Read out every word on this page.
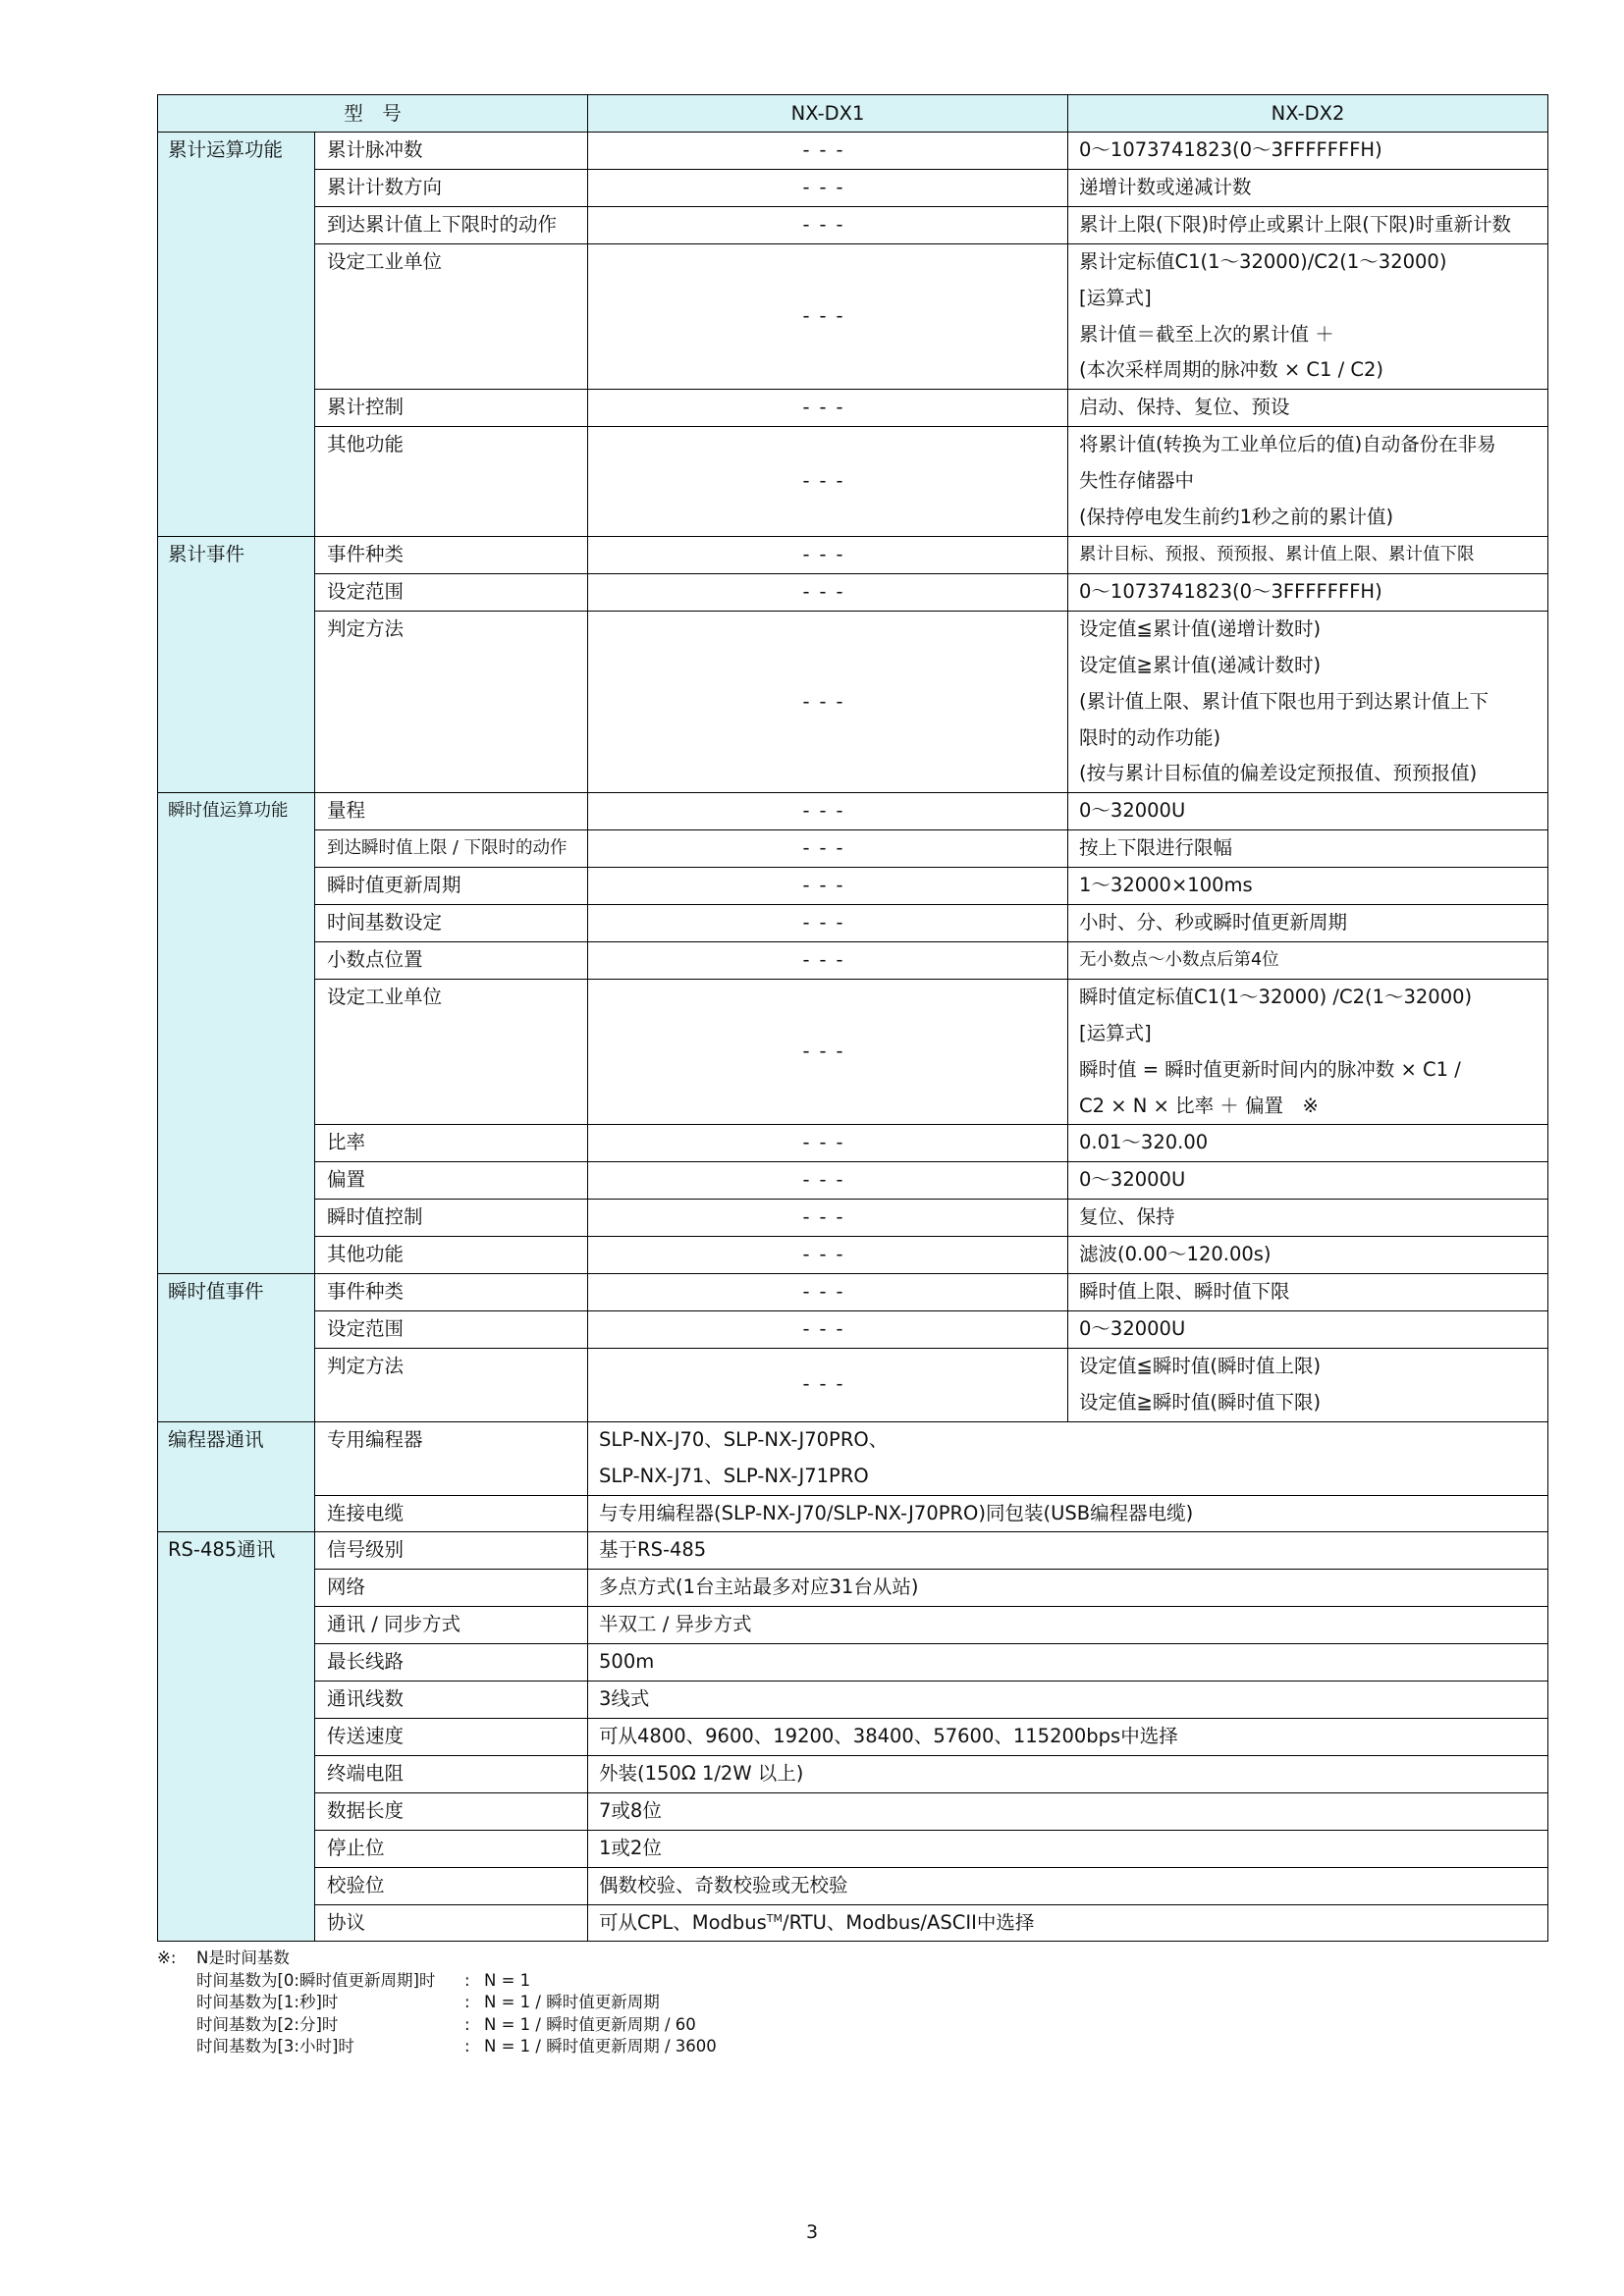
型　号		NX-DX1	NX-DX2
累计运算功能	累计脉冲数	---	0～1073741823(0～3FFFFFFFH)
	累计计数方向	---	递增计数或递减计数
	到达累计值上下限时的动作	---	累计上限(下限)时停止或累计上限(下限)时重新计数
	设定工业单位	---	累计定标值C1(1～32000)/C2(1～32000)
[运算式]
累计值＝截至上次的累计值 ＋
(本次采样周期的脉冲数 × C1 / C2)

	累计控制	---	启动、保持、复位、预设
	其他功能	---	将累计值(转换为工业单位后的值)自动备份在非易
失性存储器中
(保持停电发生前约1秒之前的累计值)

累计事件	事件种类	---	累计目标、预报、预预报、累计值上限、累计值下限
	设定范围	---	0～1073741823(0～3FFFFFFFH)
	判定方法	---	设定值≦累计值(递增计数时)
设定值≧累计值(递减计数时)
(累计值上限、累计值下限也用于到达累计值上下
限时的动作功能)
(按与累计目标值的偏差设定预报值、预预报值)

瞬时值运算功能	量程	---	0～32000U
	到达瞬时值上限 / 下限时的动作	---	按上下限进行限幅
	瞬时值更新周期	---	1～32000×100ms
	时间基数设定	---	小时、分、秒或瞬时值更新周期
	小数点位置	---	无小数点～小数点后第4位
	设定工业单位	---	瞬时值定标值C1(1～32000) /C2(1～32000)
[运算式]
瞬时值 = 瞬时值更新时间内的脉冲数 × C1 /
C2 × N × 比率 ＋ 偏置　※

	比率	---	0.01～320.00
	偏置	---	0～32000U
	瞬时值控制	---	复位、保持
	其他功能	---	滤波(0.00～120.00s)
瞬时值事件	事件种类	---	瞬时值上限、瞬时值下限
	设定范围	---	0～32000U
	判定方法	---	设定值≦瞬时值(瞬时值上限)
设定值≧瞬时值(瞬时值下限)

编程器通讯	专用编程器	SLP-NX-J70、SLP-NX-J70PRO、
SLP-NX-J71、SLP-NX-J71PRO	

	连接电缆	与专用编程器(SLP-NX-J70/SLP-NX-J70PRO)同包装(USB编程器电缆)	
RS-485通讯	信号级别	基于RS-485	
	网络	多点方式(1台主站最多对应31台从站)	
	通讯 / 同步方式	半双工 / 异步方式	
	最长线路	500m	
	通讯线数	3线式	
	传送速度	可从4800、9600、19200、38400、57600、115200bps中选择	
	终端电阻	外装(150Ω 1/2W 以上)	
	数据长度	7或8位	
	停止位	1或2位	
	校验位	偶数校验、奇数校验或无校验	
	协议	可从CPL、Modbus™/RTU、Modbus/ASCII中选择	
※: N是时间基数
时间基数为[0:瞬时值更新周期]时 : N = 1
时间基数为[1:秒]时	: N = 1 / 瞬时值更新周期
时间基数为[2:分]时	: N = 1 / 瞬时值更新周期 / 60
时间基数为[3:小时]时	: N = 1 / 瞬时值更新周期 / 3600
3
